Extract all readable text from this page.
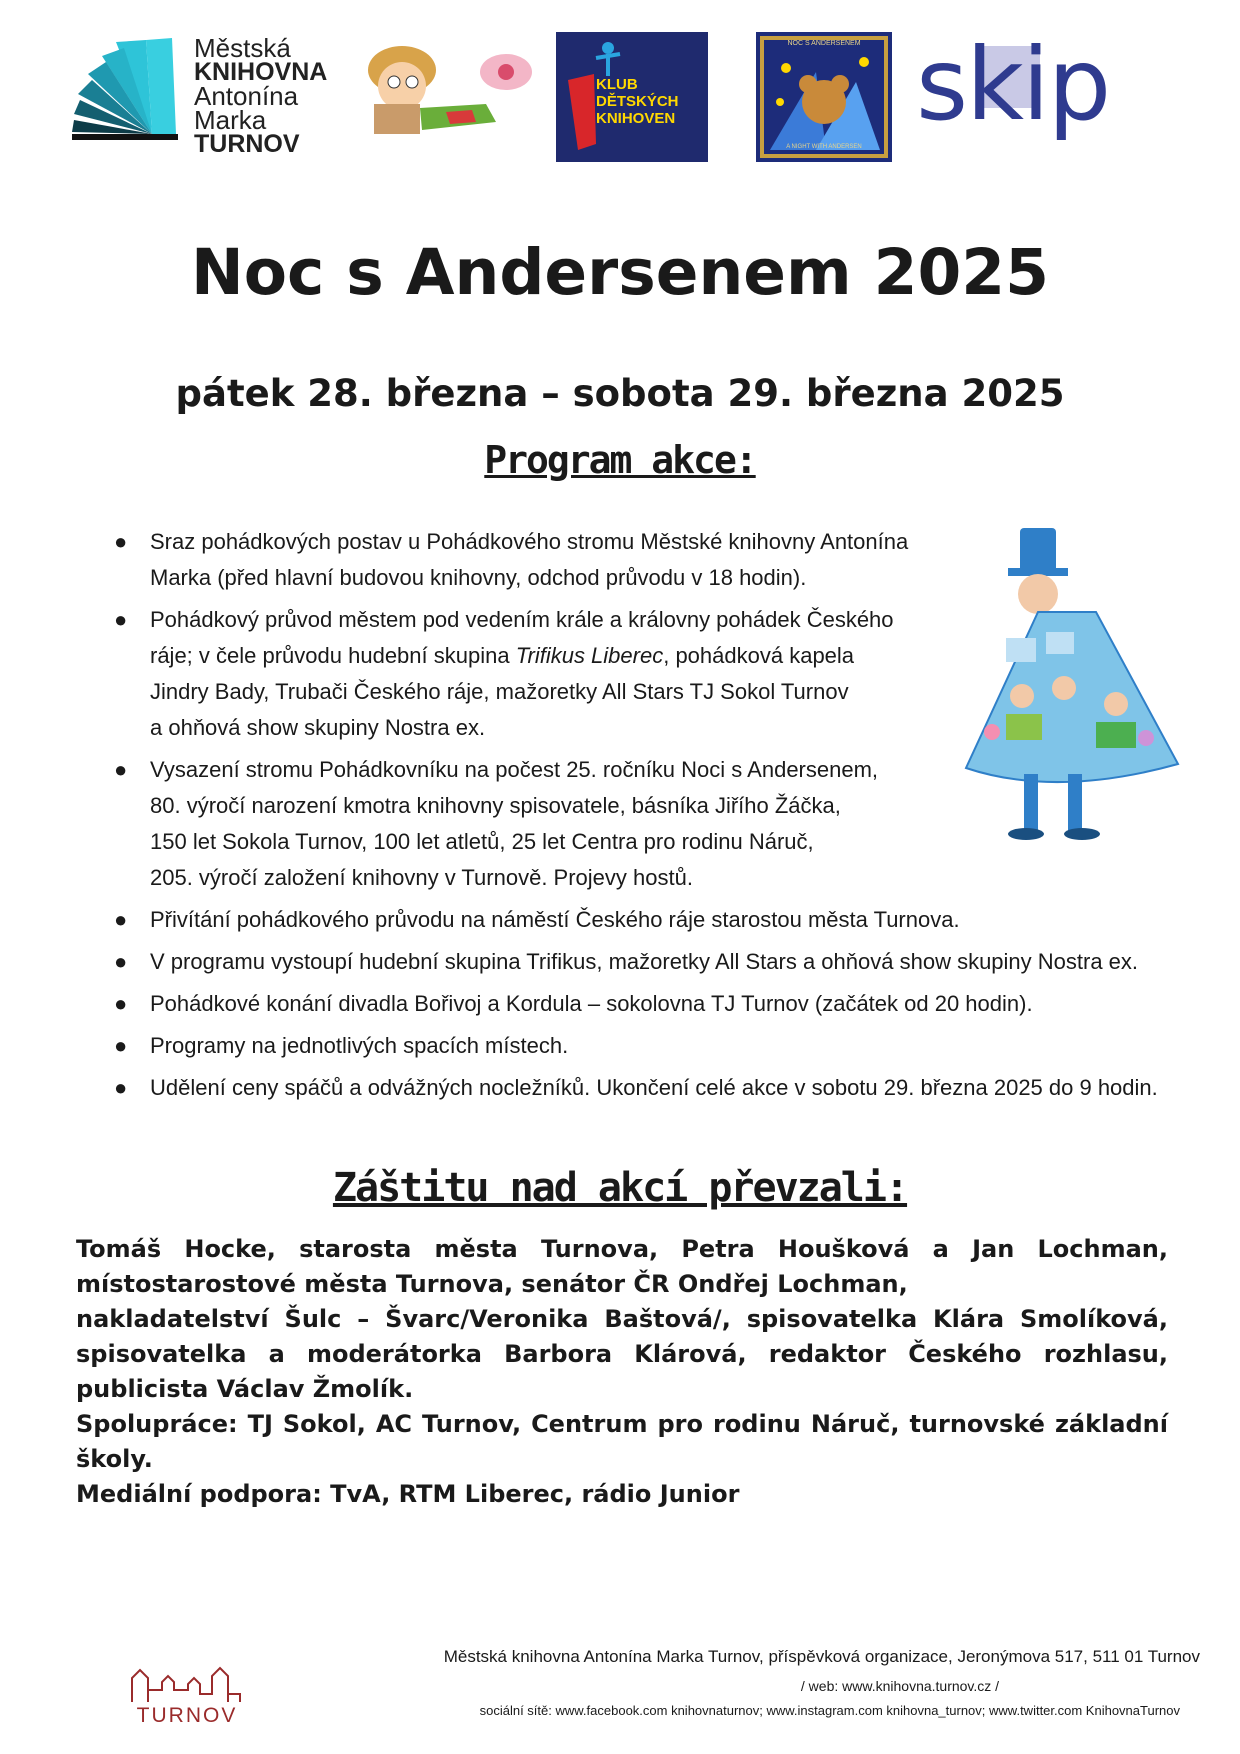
Městská
KNIHOVNA
Antonína
Marka
TURNOV
KLUB
DĚTSKÝCH
KNIHOVEN
NOC S ANDERSENEM
A NIGHT WITH ANDERSEN
skip
Noc s Andersenem 2025
pátek 28. března – sobota 29. března 2025
Program akce:
● Sraz pohádkových postav u Pohádkového stromu Městské knihovny Antonína
Marka (před hlavní budovou knihovny, odchod průvodu v 18 hodin).
● Pohádkový průvod městem pod vedením krále a královny pohádek Českého
ráje; v čele průvodu hudební skupina Trifikus Liberec, pohádková kapela
Jindry Bady, Trubači Českého ráje, mažoretky All Stars TJ Sokol Turnov
a ohňová show skupiny Nostra ex.
● Vysazení stromu Pohádkovníku na počest 25. ročníku Noci s Andersenem,
80. výročí narození kmotra knihovny spisovatele, básníka Jiřího Žáčka,
150 let Sokola Turnov, 100 let atletů, 25 let Centra pro rodinu Náruč,
205. výročí založení knihovny v Turnově. Projevy hostů.
● Přivítání pohádkového průvodu na náměstí Českého ráje starostou města Turnova.
● V programu vystoupí hudební skupina Trifikus, mažoretky All Stars a ohňová show skupiny Nostra ex.
● Pohádkové konání divadla Bořivoj a Kordula – sokolovna TJ Turnov (začátek od 20 hodin).
● Programy na jednotlivých spacích místech.
● Udělení ceny spáčů a odvážných nocležníků. Ukončení celé akce v sobotu 29. března 2025 do 9 hodin.
Záštitu nad akcí převzali:

Tomáš Hocke, starosta města Turnova, Petra Houšková a Jan Lochman, místostarostové města Turnova, senátor ČR Ondřej Lochman,

nakladatelství Šulc – Švarc/Veronika Baštová/, spisovatelka Klára Smolíková, spisovatelka a moderátorka Barbora Klárová, redaktor Českého rozhlasu, publicista Václav Žmolík.

Spolupráce: TJ Sokol, AC Turnov, Centrum pro rodinu Náruč, turnovské základní školy.

Mediální podpora: TvA, RTM Liberec, rádio Junior

TURNOV
Městská knihovna Antonína Marka Turnov, příspěvková organizace, Jeronýmova 517, 511 01 Turnov
/ web: www.knihovna.turnov.cz /
sociální sítě: www.facebook.com knihovnaturnov; www.instagram.com knihovna_turnov; www.twitter.com KnihovnaTurnov
